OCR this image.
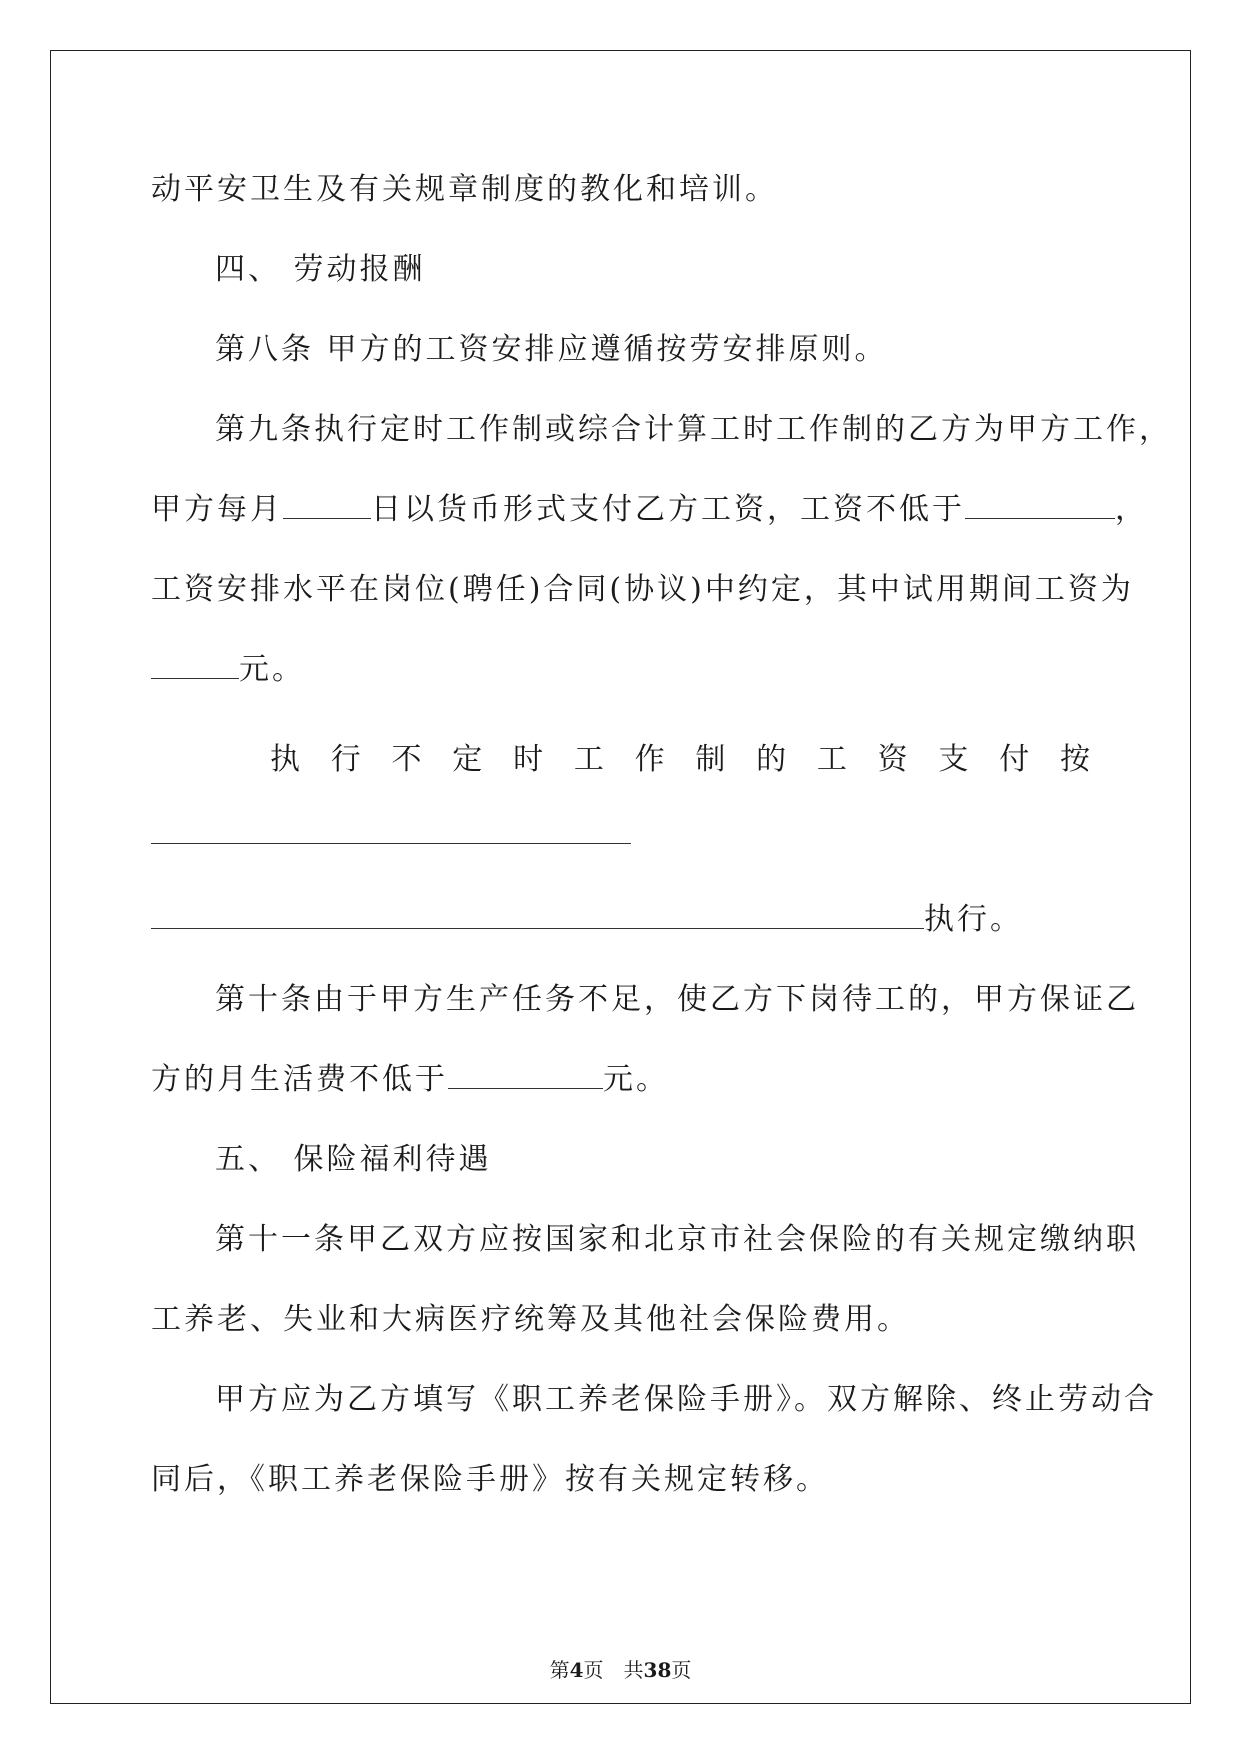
动平安卫生及有关规章制度的教化和培训。
四、 劳动报酬
第八条 甲方的工资安排应遵循按劳安排原则。
第九条执行定时工作制或综合计算工时工作制的乙方为甲方工作，
甲方每月	日以货币形式支付乙方工资，工资不低于	，
工资安排水平在岗位(聘任)合同(协议)中约定，其中试用期间工资为
元。
执 行 不 定 时 工 作 制 的 工 资 支 付 按
执行。
第十条由于甲方生产任务不足，使乙方下岗待工的，甲方保证乙
方的月生活费不低于	元。
五、 保险福利待遇
第十一条甲乙双方应按国家和北京市社会保险的有关规定缴纳职
工养老、失业和大病医疗统筹及其他社会保险费用。
甲方应为乙方填写《职工养老保险手册》。双方解除、终止劳动合
同后，《职工养老保险手册》按有关规定转移。
第4页　共38页
